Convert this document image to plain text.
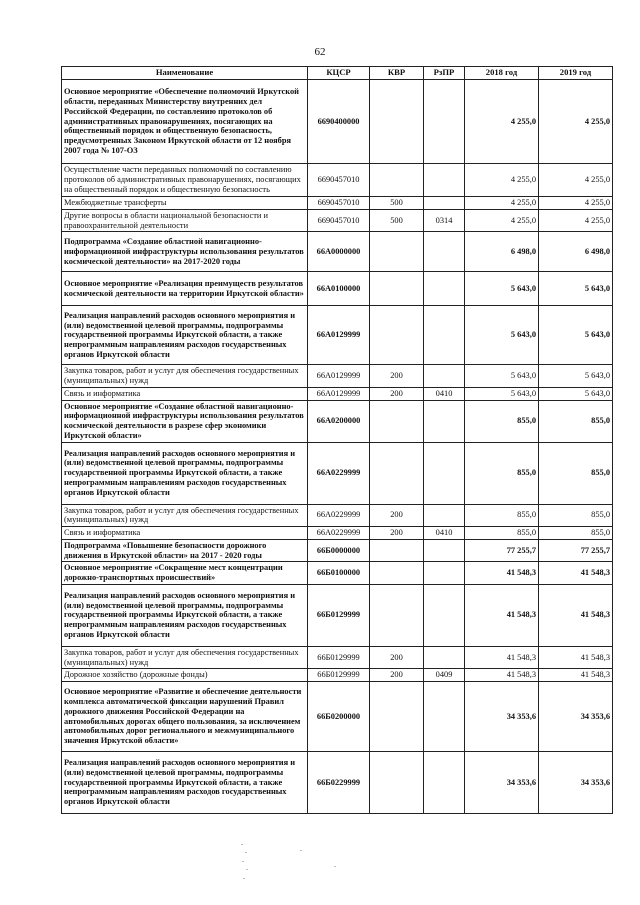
62
Наименование	КЦСР	КВР	РзПР	2018 год	2019 год
Основное мероприятие «Обеспечение полномочий Иркутской области, переданных Министерству внутренних дел Российской Федерации, по составлению протоколов об административных правонарушениях, посягающих на общественный порядок и общественную безопасность, предусмотренных Законом Иркутской области от 12 ноября 2007 года № 107-ОЗ	6690400000			4 255,0	4 255,0
Осуществление части переданных полномочий по составлению протоколов об административных правонарушениях, посягающих на общественный порядок и общественную безопасность	6690457010			4 255,0	4 255,0
Межбюджетные трансферты	6690457010	500		4 255,0	4 255,0
Другие вопросы в области национальной безопасности и правоохранительной деятельности	6690457010	500	0314	4 255,0	4 255,0
Подпрограмма «Создание областной навигационно-информационной инфраструктуры использования результатов космической деятельности» на 2017-2020 годы	66А0000000			6 498,0	6 498,0
Основное мероприятие «Реализация преимуществ результатов космической деятельности на территории Иркутской области»	66А0100000			5 643,0	5 643,0
Реализация направлений расходов основного мероприятия и (или) ведомственной целевой программы, подпрограммы государственной программы Иркутской области, а также непрограммным направлениям расходов государственных органов Иркутской области	66А0129999			5 643,0	5 643,0
Закупка товаров, работ и услуг для обеспечения государственных (муниципальных) нужд	66А0129999	200		5 643,0	5 643,0
Связь и информатика	66А0129999	200	0410	5 643,0	5 643,0
Основное мероприятие «Создание областной навигационно-информационной инфраструктуры использования результатов космической деятельности в разрезе сфер экономики Иркутской области»	66А0200000			855,0	855,0
Реализация направлений расходов основного мероприятия и (или) ведомственной целевой программы, подпрограммы государственной программы Иркутской области, а также непрограммным направлениям расходов государственных органов Иркутской области	66А0229999			855,0	855,0
Закупка товаров, работ и услуг для обеспечения государственных (муниципальных) нужд	66А0229999	200		855,0	855,0
Связь и информатика	66А0229999	200	0410	855,0	855,0
Подпрограмма «Повышение безопасности дорожного движения в Иркутской области» на 2017 - 2020 годы	66Б0000000			77 255,7	77 255,7
Основное мероприятие «Сокращение мест концентрации дорожно-транспортных происшествий»	66Б0100000			41 548,3	41 548,3
Реализация направлений расходов основного мероприятия и (или) ведомственной целевой программы, подпрограммы государственной программы Иркутской области, а также непрограммным направлениям расходов государственных органов Иркутской области	66Б0129999			41 548,3	41 548,3
Закупка товаров, работ и услуг для обеспечения государственных (муниципальных) нужд	66Б0129999	200		41 548,3	41 548,3
Дорожное хозяйство (дорожные фонды)	66Б0129999	200	0409	41 548,3	41 548,3
Основное мероприятие «Развитие и обеспечение деятельности комплекса автоматической фиксации нарушений Правил дорожного движения Российской Федерации на автомобильных дорогах общего пользования, за исключением автомобильных дорог регионального и межмуниципального значения Иркутской области»	66Б0200000			34 353,6	34 353,6
Реализация направлений расходов основного мероприятия и (или) ведомственной целевой программы, подпрограммы государственной программы Иркутской области, а также непрограммным направлениям расходов государственных органов Иркутской области	66Б0229999			34 353,6	34 353,6
